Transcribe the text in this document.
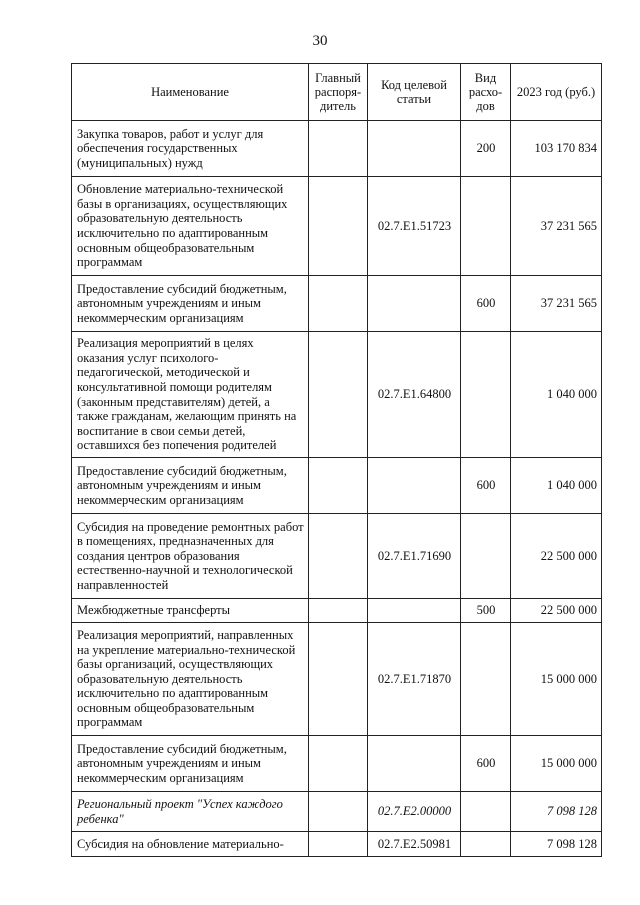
30
Наименование	Главный распоря-дитель	Код целевой статьи	Вид расхо-дов	2023 год (руб.)
Закупка товаров, работ и услуг для обеспечения государственных (муниципальных) нужд			200	103 170 834
Обновление материально-технической базы в организациях, осуществляющих образовательную деятельность исключительно по адаптированным основным общеобразовательным программам		02.7.E1.51723		37 231 565
Предоставление субсидий бюджетным, автономным учреждениям и иным некоммерческим организациям			600	37 231 565
Реализация мероприятий в целях оказания услуг психолого-педагогической, методической и консультативной помощи родителям (законным представителям) детей, а также гражданам, желающим принять на воспитание в свои семьи детей, оставшихся без попечения родителей		02.7.E1.64800		1 040 000
Предоставление субсидий бюджетным, автономным учреждениям и иным некоммерческим организациям			600	1 040 000
Субсидия на проведение ремонтных работ в помещениях, предназначенных для создания центров образования естественно-научной и технологической направленностей		02.7.E1.71690		22 500 000
Межбюджетные трансферты			500	22 500 000
Реализация мероприятий, направленных на укрепление материально-технической базы организаций, осуществляющих образовательную деятельность исключительно по адаптированным основным общеобразовательным программам		02.7.E1.71870		15 000 000
Предоставление субсидий бюджетным, автономным учреждениям и иным некоммерческим организациям			600	15 000 000
Региональный проект "Успех каждого ребенка"		02.7.E2.00000		7 098 128
Субсидия на обновление материально-		02.7.E2.50981		7 098 128
